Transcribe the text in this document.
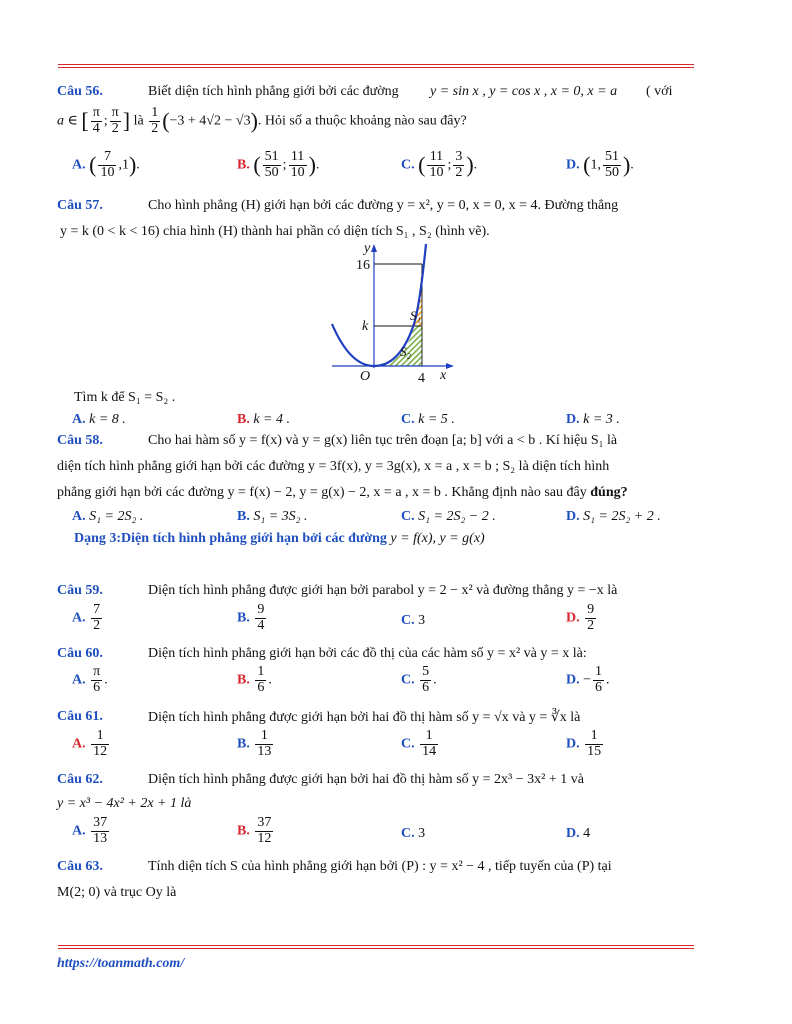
Câu 56.	Biết diện tích hình phẳng giới bởi các đường y = sin x , y = cos x , x = 0, x = a ( với
a ∈ [ $\frac{\pi}{4}$ ; $\frac{\pi}{2}$ ] là $\frac{1}{2} (-3 + 4√2 - √3)$. Hỏi số a thuộc khoảng nào sau đây?
A. ( $\frac{7}{10} ,1$).	B. ( $\frac{51}{50}$ ; $\frac{11}{10}$ ).	C. ( $\frac{11}{10}$ ; $\frac{3}{2}$ ).	D. (1, $\frac{51}{50}$ ).
Câu 57.	Cho hình phẳng (H) giới hạn bởi các đường y = x², y = 0, x = 0, x = 4. Đường thẳng
y = k (0 < k < 16) chia hình (H) thành hai phần có diện tích S₁ , S₂ (hình vẽ).
y
16
k
S₁
S₂
O	4 x
Tìm k để S₁ = S₂ .
A. k = 8 .	B. k = 4 .	C. k = 5 .	D. k = 3 .
Câu 58.	Cho hai hàm số y = f(x) và y = g(x) liên tục trên đoạn [a; b] với a < b . Kí hiệu S₁ là
diện tích hình phẳng giới hạn bởi các đường y = 3f(x), y = 3g(x), x = a , x = b ; S₂ là diện tích hình
phẳng giới hạn bởi các đường y = f(x) − 2, y = g(x) − 2, x = a , x = b . Khẳng định nào sau đây đúng?
A. S₁ = 2S₂ .	B. S₁ = 3S₂ .	C. S₁ = 2S₂ − 2 .	D. S₁ = 2S₂ + 2 .
Dạng 3:Diện tích hình phẳng giới hạn bởi các đường y = f(x), y = g(x)
Câu 59.	Diện tích hình phẳng được giới hạn bởi parabol y = 2 − x² và đường thẳng y = −x là
A. $\frac{7}{2}$	B. $\frac{9}{4}$	C. 3	D. $\frac{9}{2}$
Câu 60.	Diện tích hình phẳng giới hạn bởi các đồ thị của các hàm số y = x² và y = x là:
A. $\frac{\pi}{6}$ .	B. $\frac{1}{6}$ .	C. $\frac{5}{6}$ .	D. − $\frac{1}{6}$ .
Câu 61.	Diện tích hình phẳng được giới hạn bởi hai đồ thị hàm số y = √x và y = ∛x là
A. $\frac{1}{12}$	B. $\frac{1}{13}$	C. $\frac{1}{14}$	D. $\frac{1}{15}$
Câu 62.	Diện tích hình phẳng được giới hạn bởi hai đồ thị hàm số y = 2x³ − 3x² + 1 và
y = x³ − 4x² + 2x + 1 là
A. $\frac{37}{13}$	B. $\frac{37}{12}$	C. 3	D. 4
Câu 63.	Tính diện tích S của hình phẳng giới hạn bởi (P) : y = x² − 4 , tiếp tuyến của (P) tại
M(2; 0) và trục Oy là
https://toanmath.com/
